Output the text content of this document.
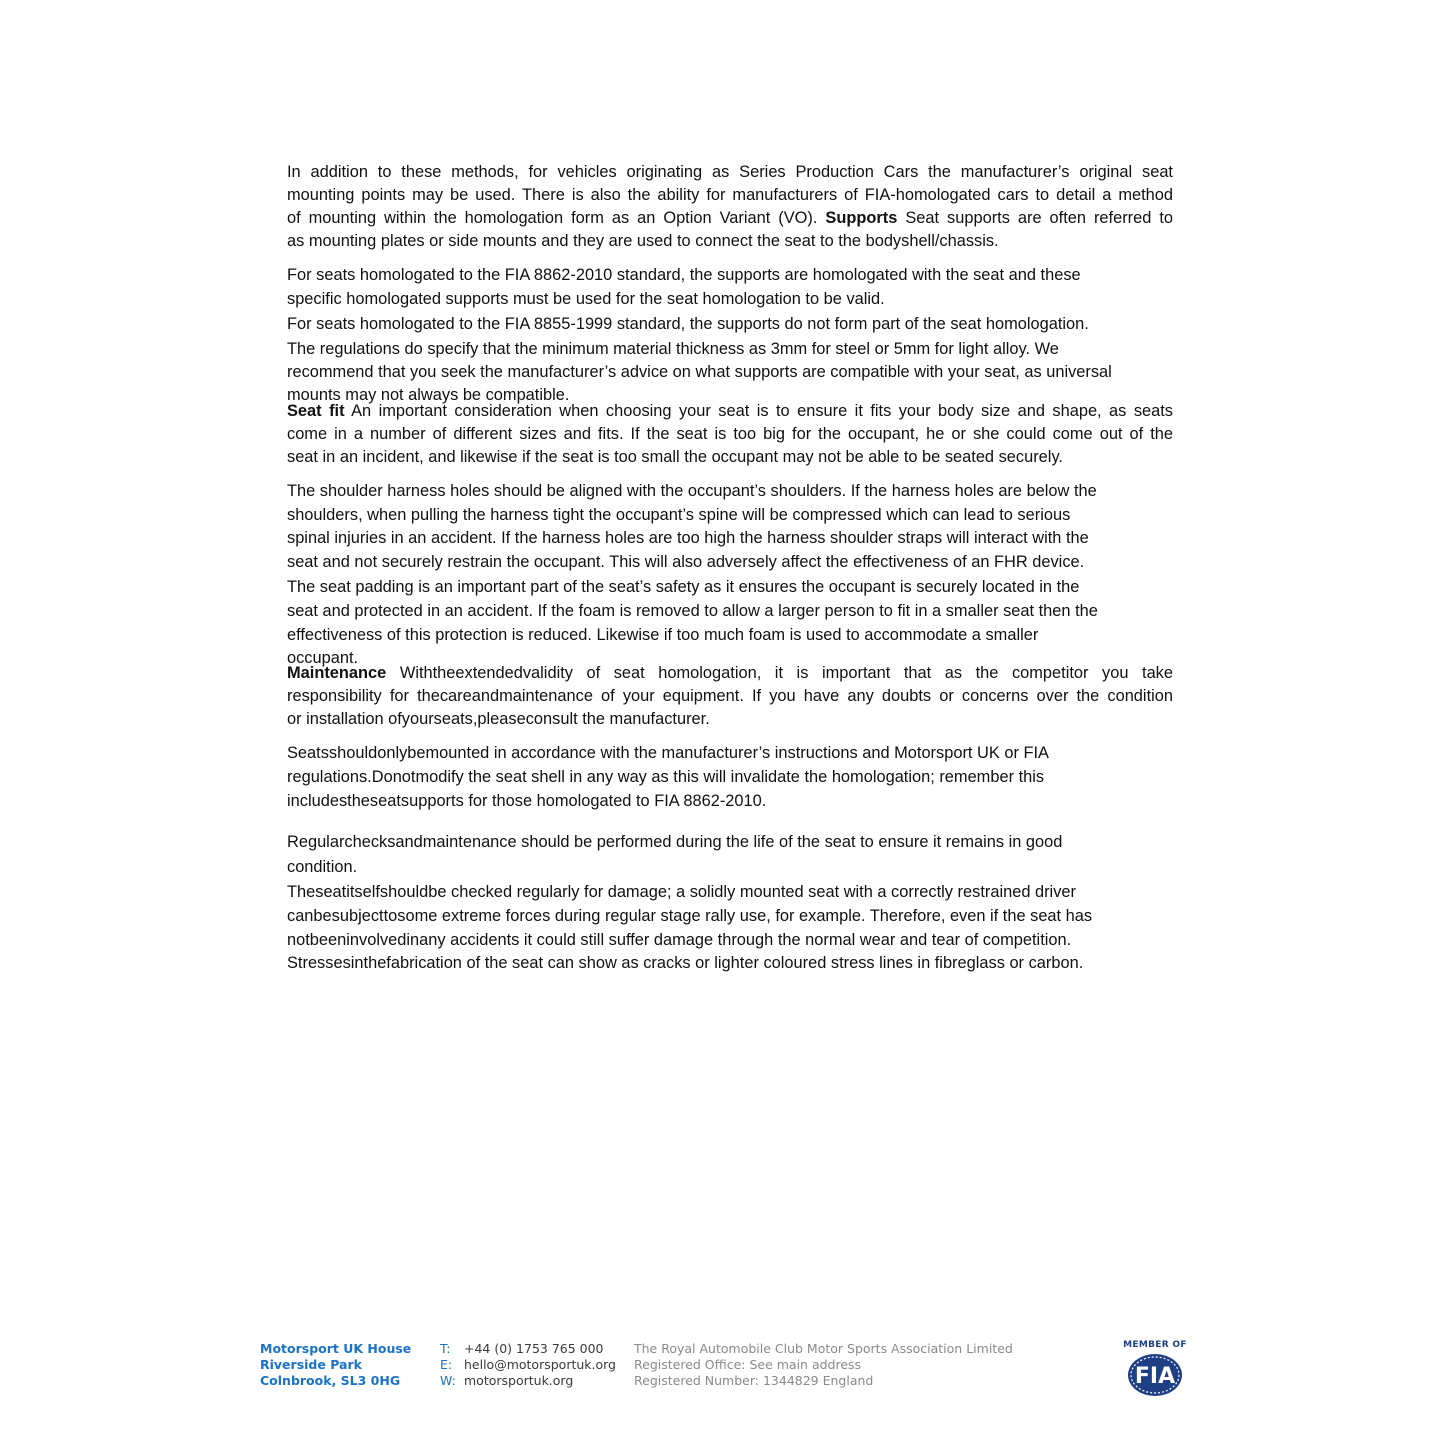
In addition to these methods, for vehicles originating as Series Production Cars the manufacturer’s original seat
mounting points may be used. There is also the ability for manufacturers of FIA-homologated cars to detail a method
of mounting within the homologation form as an Option Variant (VO). Supports Seat supports are often referred to
as mounting plates or side mounts and they are used to connect the seat to the bodyshell/chassis.
For seats homologated to the FIA 8862-2010 standard, the supports are homologated with the seat and these
specific homologated supports must be used for the seat homologation to be valid.
For seats homologated to the FIA 8855-1999 standard, the supports do not form part of the seat homologation.
The regulations do specify that the minimum material thickness as 3mm for steel or 5mm for light alloy. We
recommend that you seek the manufacturer’s advice on what supports are compatible with your seat, as universal
mounts may not always be compatible.
Seat fit An important consideration when choosing your seat is to ensure it fits your body size and shape, as seats
come in a number of different sizes and fits. If the seat is too big for the occupant, he or she could come out of the
seat in an incident, and likewise if the seat is too small the occupant may not be able to be seated securely.
The shoulder harness holes should be aligned with the occupant’s shoulders. If the harness holes are below the
shoulders, when pulling the harness tight the occupant’s spine will be compressed which can lead to serious
spinal injuries in an accident. If the harness holes are too high the harness shoulder straps will interact with the
seat and not securely restrain the occupant. This will also adversely affect the effectiveness of an FHR device.
The seat padding is an important part of the seat’s safety as it ensures the occupant is securely located in the
seat and protected in an accident. If the foam is removed to allow a larger person to fit in a smaller seat then the
effectiveness of this protection is reduced. Likewise if too much foam is used to accommodate a smaller
occupant.
Maintenance Withtheextendedvalidity of seat homologation, it is important that as the competitor you take
responsibility for thecareandmaintenance of your equipment. If you have any doubts or concerns over the condition
or installation ofyourseats,pleaseconsult the manufacturer.
Seatsshouldonlybemounted in accordance with the manufacturer’s instructions and Motorsport UK or FIA
regulations.Donotmodify the seat shell in any way as this will invalidate the homologation; remember this
includestheseatsupports for those homologated to FIA 8862-2010.
Regularchecksandmaintenance should be performed during the life of the seat to ensure it remains in good
condition.
Theseatitselfshouldbe checked regularly for damage; a solidly mounted seat with a correctly restrained driver
canbesubjecttosome extreme forces during regular stage rally use, for example. Therefore, even if the seat has
notbeeninvolvedinany accidents it could still suffer damage through the normal wear and tear of competition.
Stressesinthefabrication of the seat can show as cracks or lighter coloured stress lines in fibreglass or carbon.
Motorsport UK House
Riverside Park
Colnbrook, SL3 0HG
T: +44 (0) 1753 765 000
E: hello@motorsportuk.org
W: motorsportuk.org
The Royal Automobile Club Motor Sports Association Limited
Registered Office: See main address
Registered Number: 1344829 England
MEMBER OF
FIA
